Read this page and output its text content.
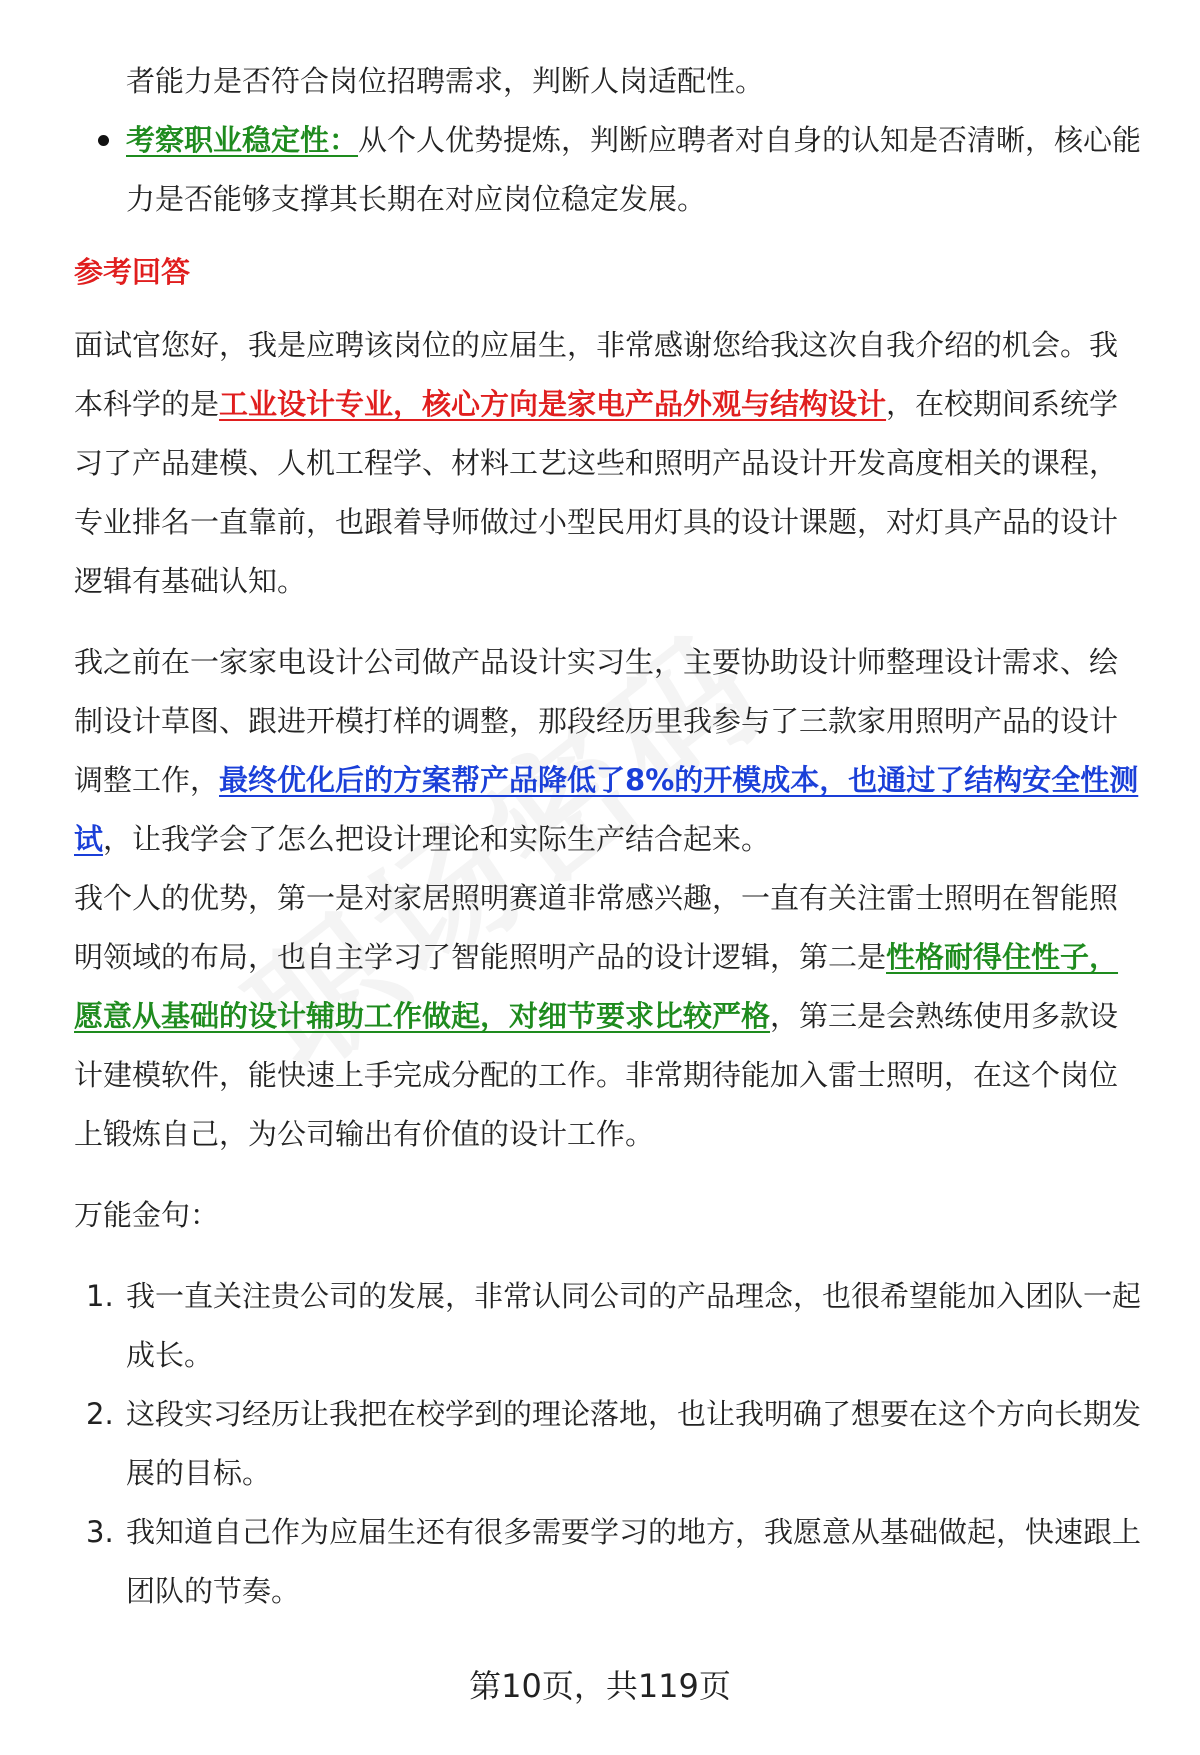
者能力是否符合岗位招聘需求，判断人岗适配性。

考察职业稳定性：从个人优势提炼，判断应聘者对自身的认知是否清晰，核心能力是否能够支撑其长期在对应岗位稳定发展。
参考回答

面试官您好，我是应聘该岗位的应届生，非常感谢您给我这次自我介绍的机会。我本科学的是工业设计专业，核心方向是家电产品外观与结构设计，在校期间系统学习了产品建模、人机工程学、材料工艺这些和照明产品设计开发高度相关的课程，专业排名一直靠前，也跟着导师做过小型民用灯具的设计课题，对灯具产品的设计逻辑有基础认知。

我之前在一家家电设计公司做产品设计实习生，主要协助设计师整理设计需求、绘制设计草图、跟进开模打样的调整，那段经历里我参与了三款家用照明产品的设计调整工作，最终优化后的方案帮产品降低了8%的开模成本，也通过了结构安全性测试，让我学会了怎么把设计理论和实际生产结合起来。

我个人的优势，第一是对家居照明赛道非常感兴趣，一直有关注雷士照明在智能照明领域的布局，也自主学习了智能照明产品的设计逻辑，第二是性格耐得住性子，愿意从基础的设计辅助工作做起，对细节要求比较严格，第三是会熟练使用多款设计建模软件，能快速上手完成分配的工作。非常期待能加入雷士照明，在这个岗位上锻炼自己，为公司输出有价值的设计工作。

万能金句：

1. 我一直关注贵公司的发展，非常认同公司的产品理念，也很希望能加入团队一起成长。
2. 这段实习经历让我把在校学到的理论落地，也让我明确了想要在这个方向长期发展的目标。
3. 我知道自己作为应届生还有很多需要学习的地方，我愿意从基础做起，快速跟上团队的节奏。
第10页，共119页
